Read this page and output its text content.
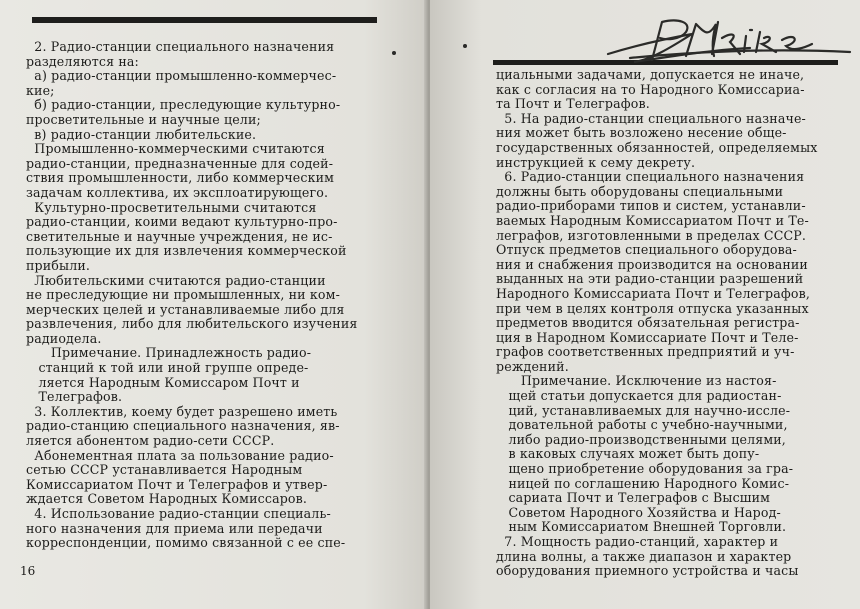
2. Радио-станции специального назначения
разделяются на:
а) радио-станции промышленно-коммерчес-
кие;
б) радио-станции, преследующие культурно-
просветительные и научные цели;
в) радио-станции любительские.
Промышленно-коммерческими считаются
радио-станции, предназначенные для содей-
ствия промышленности, либо коммерческим
задачам коллектива, их эксплоатирующего.
Культурно-просветительными считаются
радио-станции, коими ведают культурно-про-
светительные и научные учреждения, не ис-
пользующие их для извлечения коммерческой
прибыли.
Любительскими считаются радио-станции
не преследующие ни промышленных, ни ком-
мерческих целей и устанавливаемые либо для
развлечения, либо для любительского изучения
радиодела.
Примечание. Принадлежность радио-
станций к той или иной группе опреде-
ляется Народным Комиссаром Почт и
Телеграфов.
3. Коллектив, коему будет разрешено иметь
радио-станцию специального назначения, яв-
ляется абонентом радио-сети СССР.
Абонементная плата за пользование радио-
сетью СССР устанавливается Народным
Комиссариатом Почт и Телеграфов и утвер-
ждается Советом Народных Комиссаров.
4. Использование радио-станции специаль-
ного назначения для приема или передачи
корреспонденции, помимо связанной с ее спе-
16
циальными задачами, допускается не иначе,
как с согласия на то Народного Комиссариа-
та Почт и Телеграфов.
5. На радио-станции специального назначе-
ния может быть возложено несение обще-
государственных обязанностей, определяемых
инструкцией к сему декрету.
6. Радио-станции специального назначения
должны быть оборудованы специальными
радио-приборами типов и систем, устанавли-
ваемых Народным Комиссариатом Почт и Те-
леграфов, изготовленными в пределах СССР.
Отпуск предметов специального оборудова-
ния и снабжения производится на основании
выданных на эти радио-станции разрешений
Народного Комиссариата Почт и Телеграфов,
при чем в целях контроля отпуска указанных
предметов вводится обязательная регистра-
ция в Народном Комиссариате Почт и Теле-
графов соответственных предприятий и уч-
реждений.
Примечание. Исключение из настоя-
щей статьи допускается для радиостан-
ций, устанавливаемых для научно-иссле-
довательной работы с учебно-научными,
либо радио-производственными целями,
в каковых случаях может быть допу-
щено приобретение оборудования за гра-
ницей по соглашению Народного Комис-
сариата Почт и Телеграфов с Высшим
Советом Народного Хозяйства и Народ-
ным Комиссариатом Внешней Торговли.
7. Мощность радио-станций, характер и
длина волны, а также диапазон и характер
оборудования приемного устройства и часы
